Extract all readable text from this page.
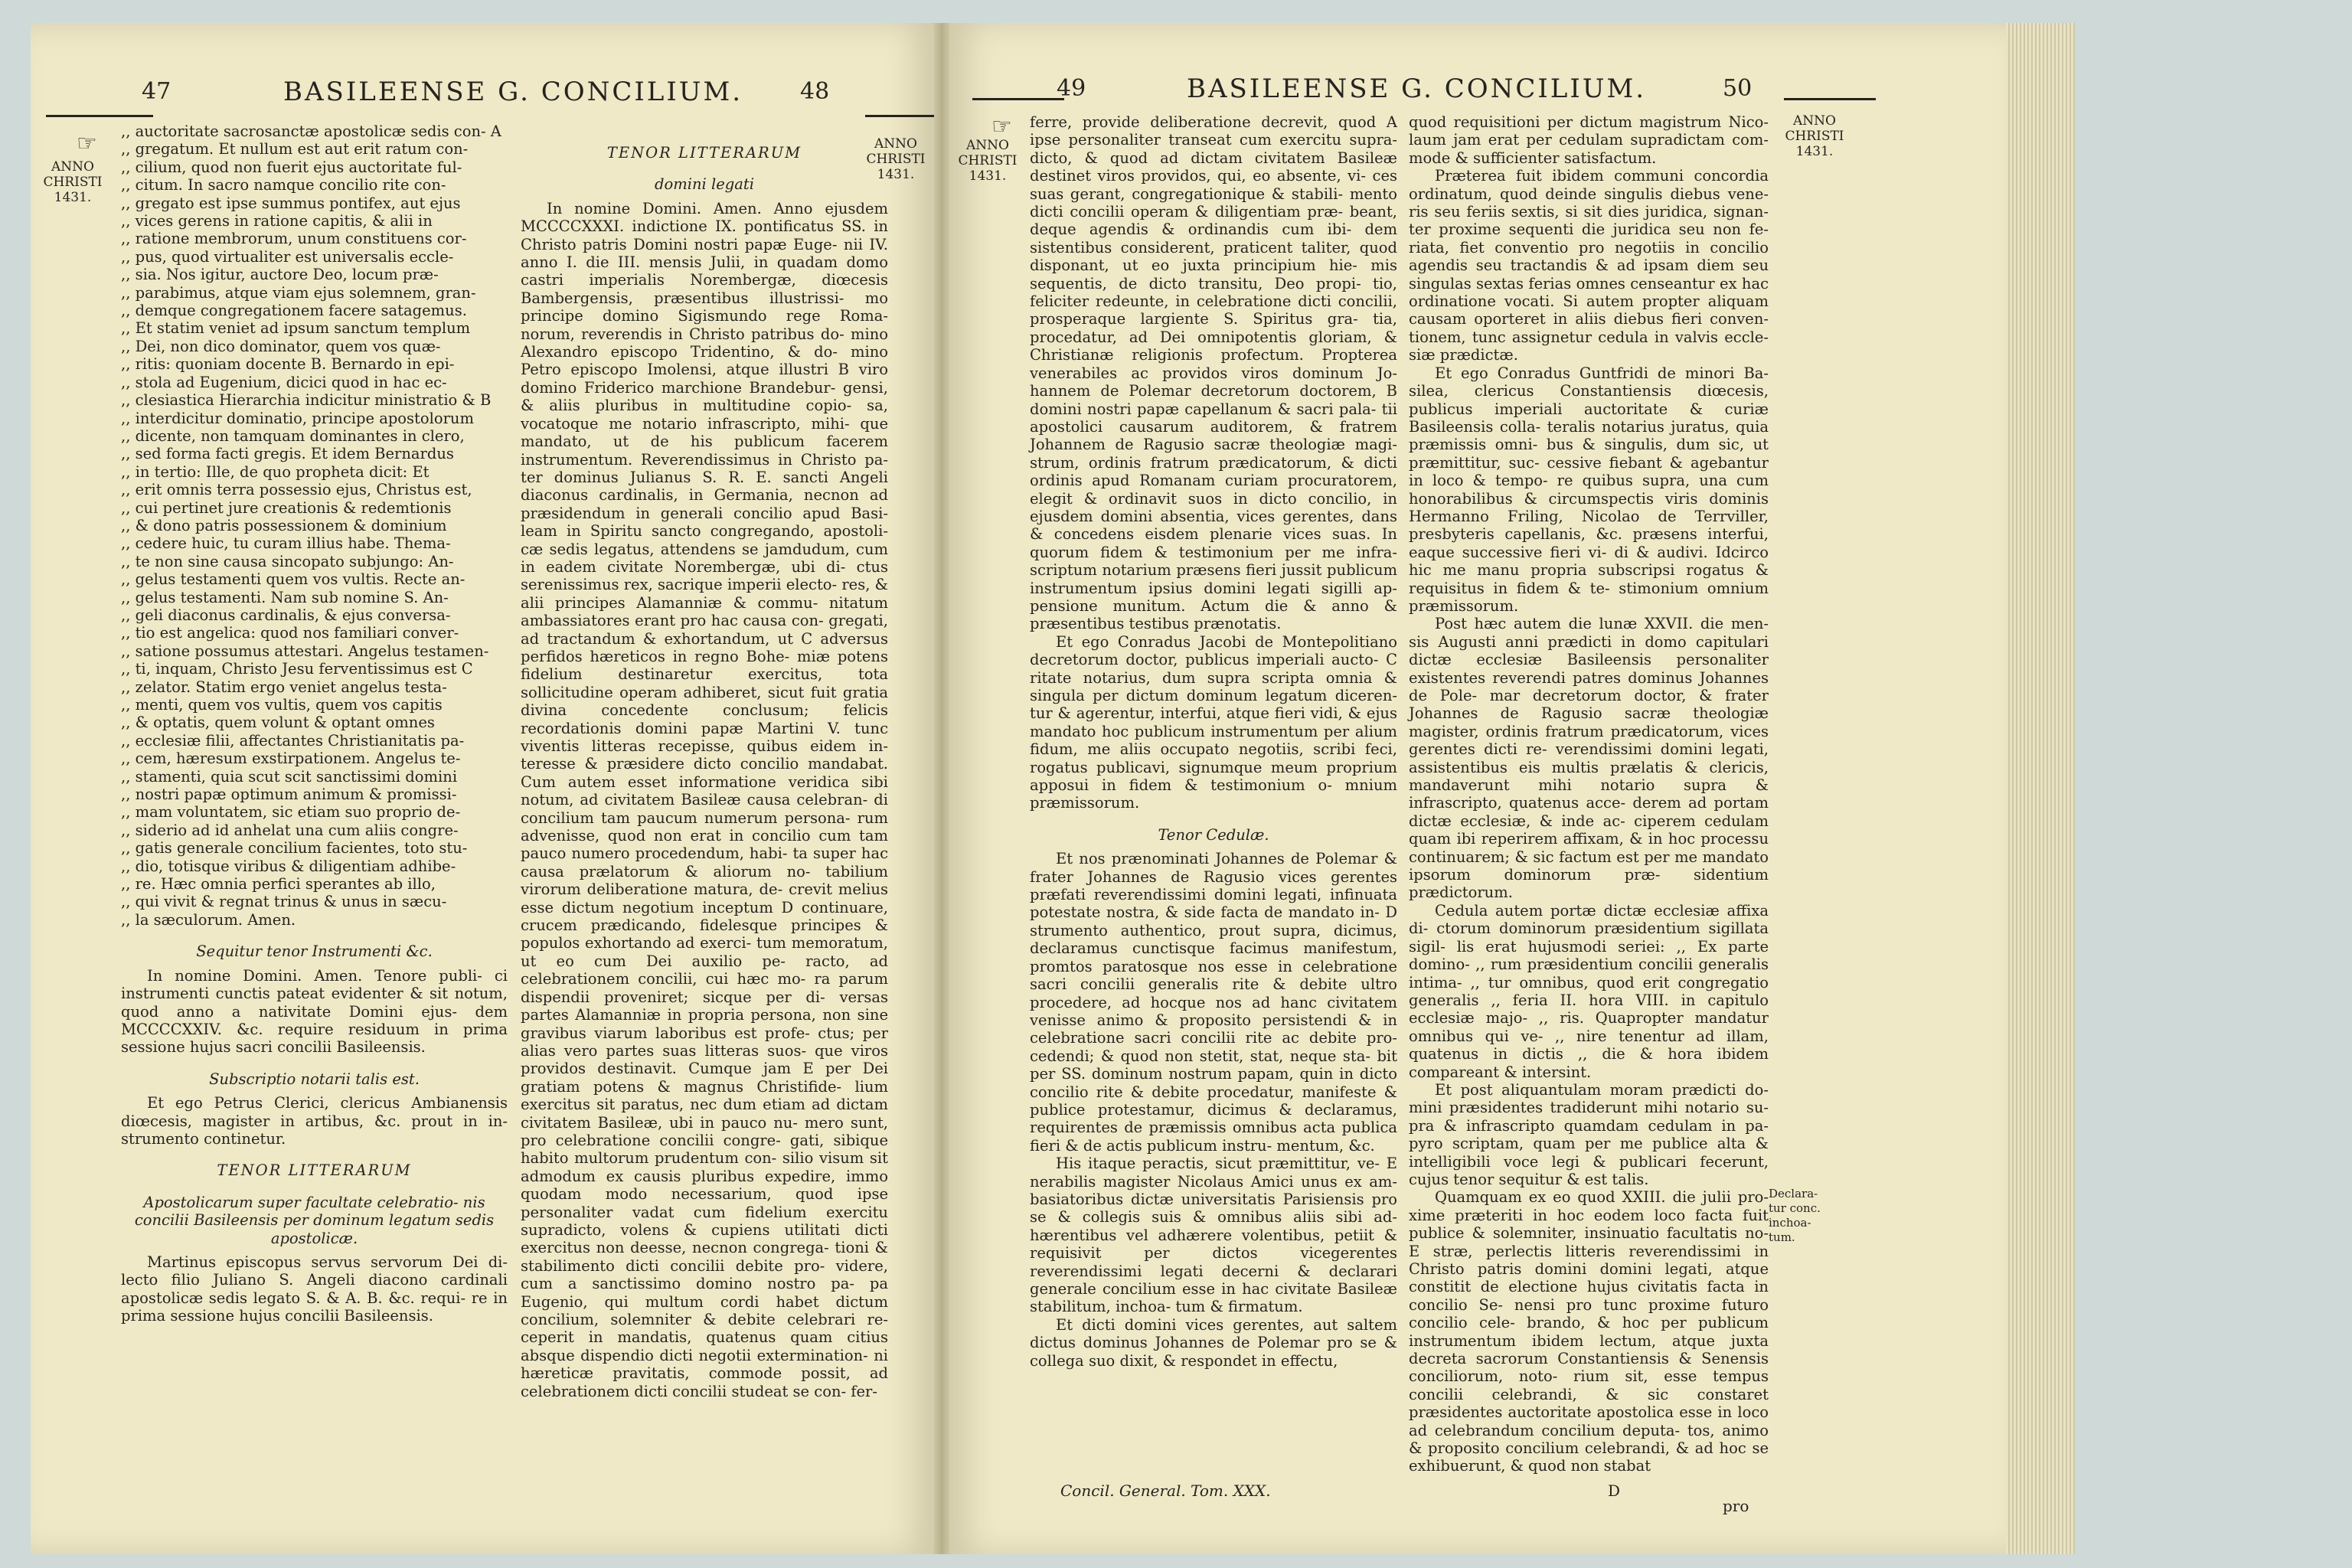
47	BASILEENSE G. CONCILIUM. 48
☞
ANNO
CHRISTI
1431.
ANNO
CHRISTI
1431.
,, auctoritate sacrosanctæ apostolicæ sedis con- A
,, gregatum. Et nullum est aut erit ratum con-
,, cilium, quod non fuerit ejus auctoritate ful-
,, citum. In sacro namque concilio rite con-
,, gregato est ipse summus pontifex, aut ejus
,, vices gerens in ratione capitis, & alii in
,, ratione membrorum, unum constituens cor-
,, pus, quod virtualiter est universalis eccle-
,, sia. Nos igitur, auctore Deo, locum præ-
,, parabimus, atque viam ejus solemnem, gran-
,, demque congregationem facere satagemus.
,, Et statim veniet ad ipsum sanctum templum
,, Dei, non dico dominator, quem vos quæ-
,, ritis: quoniam docente B. Bernardo in epi-
,, stola ad Eugenium, dicici quod in hac ec-
,, clesiastica Hierarchia indicitur ministratio & B
,, interdicitur dominatio, principe apostolorum
,, dicente, non tamquam dominantes in clero,
,, sed forma facti gregis. Et idem Bernardus
,, in tertio: Ille, de quo propheta dicit: Et
,, erit omnis terra possessio ejus, Christus est,
,, cui pertinet jure creationis & redemtionis
,, & dono patris possessionem & dominium
,, cedere huic, tu curam illius habe. Thema-
,, te non sine causa sincopato subjungo: An-
,, gelus testamenti quem vos vultis. Recte an-
,, gelus testamenti. Nam sub nomine S. An-
,, geli diaconus cardinalis, & ejus conversa-
,, tio est angelica: quod nos familiari conver-
,, satione possumus attestari. Angelus testamen-
,, ti, inquam, Christo Jesu ferventissimus est C
,, zelator. Statim ergo veniet angelus testa-
,, menti, quem vos vultis, quem vos capitis
,, & optatis, quem volunt & optant omnes
,, ecclesiæ filii, affectantes Christianitatis pa-
,, cem, hæresum exstirpationem. Angelus te-
,, stamenti, quia scut scit sanctissimi domini
,, nostri papæ optimum animum & promissi-
,, mam voluntatem, sic etiam suo proprio de-
,, siderio ad id anhelat una cum aliis congre-
,, gatis generale concilium facientes, toto stu-
,, dio, totisque viribus & diligentiam adhibe-
,, re. Hæc omnia perfici sperantes ab illo,
,, qui vivit & regnat trinus & unus in sæcu-
,, la sæculorum. Amen.

Sequitur tenor Instrumenti &c.

In nomine Domini. Amen. Tenore publi- ci instrumenti cunctis pateat evidenter & sit notum, quod anno a nativitate Domini ejus- dem MCCCCXXIV. &c. require residuum in prima sessione hujus sacri concilii Basileensis.

Subscriptio notarii talis est.

Et ego Petrus Clerici, clericus Ambianensis diœcesis, magister in artibus, &c. prout in in- strumento continetur.

TENOR LITTERARUM

Apostolicarum super facultate celebratio- nis concilii Basileensis per dominum legatum sedis apostolicæ.

Martinus episcopus servus servorum Dei di- lecto filio Juliano S. Angeli diacono cardinali apostolicæ sedis legato S. & A. B. &c. requi- re in prima sessione hujus concilii Basileensis.

TENOR LITTERARUM

domini legati

In nomine Domini. Amen. Anno ejusdem MCCCCXXXI. indictione IX. pontificatus SS. in Christo patris Domini nostri papæ Euge- nii IV. anno I. die III. mensis Julii, in quadam domo castri imperialis Norembergæ, diœcesis Bambergensis, præsentibus illustrissi- mo principe domino Sigismundo rege Roma- norum, reverendis in Christo patribus do- mino Alexandro episcopo Tridentino, & do- mino Petro episcopo Imolensi, atque illustri B viro domino Friderico marchione Brandebur- gensi, & aliis pluribus in multitudine copio- sa, vocatoque me notario infrascripto, mihi- que mandato, ut de his publicum facerem instrumentum. Reverendissimus in Christo pa- ter dominus Julianus S. R. E. sancti Angeli diaconus cardinalis, in Germania, necnon ad præsidendum in generali concilio apud Basi- leam in Spiritu sancto congregando, apostoli- cæ sedis legatus, attendens se jamdudum, cum in eadem civitate Norembergæ, ubi di- ctus serenissimus rex, sacrique imperii electo- res, & alii principes Alamanniæ & commu- nitatum ambassiatores erant pro hac causa con- gregati, ad tractandum & exhortandum, ut C adversus perfidos hæreticos in regno Bohe- miæ potens fidelium destinaretur exercitus, tota sollicitudine operam adhiberet, sicut fuit gratia divina concedente conclusum; felicis recordationis domini papæ Martini V. tunc viventis litteras recepisse, quibus eidem in- teresse & præsidere dicto concilio mandabat. Cum autem esset informatione veridica sibi notum, ad civitatem Basileæ causa celebran- di concilium tam paucum numerum persona- rum advenisse, quod non erat in concilio cum tam pauco numero procedendum, habi- ta super hac causa prælatorum & aliorum no- tabilium virorum deliberatione matura, de- crevit melius esse dictum negotium inceptum D continuare, crucem prædicando, fidelesque principes & populos exhortando ad exerci- tum memoratum, ut eo cum Dei auxilio pe- racto, ad celebrationem concilii, cui hæc mo- ra parum dispendii proveniret; sicque per di- versas partes Alamanniæ in propria persona, non sine gravibus viarum laboribus est profe- ctus; per alias vero partes suas litteras suos- que viros providos destinavit. Cumque jam E per Dei gratiam potens & magnus Christifide- lium exercitus sit paratus, nec dum etiam ad dictam civitatem Basileæ, ubi in pauco nu- mero sunt, pro celebratione concilii congre- gati, sibique habito multorum prudentum con- silio visum sit admodum ex causis pluribus expedire, immo quodam modo necessarium, quod ipse personaliter vadat cum fidelium exercitu supradicto, volens & cupiens utilitati dicti exercitus non deesse, necnon congrega- tioni & stabilimento dicti concilii debite pro- videre, cum a sanctissimo domino nostro pa- pa Eugenio, qui multum cordi habet dictum concilium, solemniter & debite celebrari re- ceperit in mandatis, quatenus quam citius absque dispendio dicti negotii extermination- ni hæreticæ pravitatis, commode possit, ad celebrationem dicti concilii studeat se con- fer-

49	BASILEENSE G. CONCILIUM.	50
☞
ANNO
CHRISTI
1431.
ANNO
CHRISTI
1431.
Declara-
tur conc.
inchoa-
tum.

ferre, provide deliberatione decrevit, quod A ipse personaliter transeat cum exercitu supra- dicto, & quod ad dictam civitatem Basileæ destinet viros providos, qui, eo absente, vi- ces suas gerant, congregationique & stabili- mento dicti concilii operam & diligentiam præ- beant, deque agendis & ordinandis cum ibi- dem sistentibus considerent, praticent taliter, quod disponant, ut eo juxta principium hie- mis sequentis, de dicto transitu, Deo propi- tio, feliciter redeunte, in celebratione dicti concilii, prosperaque largiente S. Spiritus gra- tia, procedatur, ad Dei omnipotentis gloriam, & Christianæ religionis profectum. Propterea venerabiles ac providos viros dominum Jo- hannem de Polemar decretorum doctorem, B domini nostri papæ capellanum & sacri pala- tii apostolici causarum auditorem, & fratrem Johannem de Ragusio sacræ theologiæ magi- strum, ordinis fratrum prædicatorum, & dicti ordinis apud Romanam curiam procuratorem, elegit & ordinavit suos in dicto concilio, in ejusdem domini absentia, vices gerentes, dans & concedens eisdem plenarie vices suas. In quorum fidem & testimonium per me infra- scriptum notarium præsens fieri jussit publicum instrumentum ipsius domini legati sigilli ap- pensione munitum. Actum die & anno & præsentibus testibus prænotatis.

Et ego Conradus Jacobi de Montepolitiano decretorum doctor, publicus imperiali aucto- C ritate notarius, dum supra scripta omnia & singula per dictum dominum legatum diceren- tur & agerentur, interfui, atque fieri vidi, & ejus mandato hoc publicum instrumentum per alium fidum, me aliis occupato negotiis, scribi feci, rogatus publicavi, signumque meum proprium apposui in fidem & testimonium o- mnium præmissorum.

Tenor Cedulæ.

Et nos prænominati Johannes de Polemar & frater Johannes de Ragusio vices gerentes præfati reverendissimi domini legati, infinuata potestate nostra, & side facta de mandato in- D strumento authentico, prout supra, dicimus, declaramus cunctisque facimus manifestum, promtos paratosque nos esse in celebratione sacri concilii generalis rite & debite ultro procedere, ad hocque nos ad hanc civitatem venisse animo & proposito persistendi & in celebratione sacri concilii rite ac debite pro- cedendi; & quod non stetit, stat, neque sta- bit per SS. dominum nostrum papam, quin in dicto concilio rite & debite procedatur, manifeste & publice protestamur, dicimus & declaramus, requirentes de præmissis omnibus acta publica fieri & de actis publicum instru- mentum, &c.

His itaque peractis, sicut præmittitur, ve- E nerabilis magister Nicolaus Amici unus ex am- basiatoribus dictæ universitatis Parisiensis pro se & collegis suis & omnibus aliis sibi ad- hærentibus vel adhærere volentibus, petiit & requisivit per dictos vicegerentes reverendissimi legati decerni & declarari generale concilium esse in hac civitate Basileæ stabilitum, inchoa- tum & firmatum.

Et dicti domini vices gerentes, aut saltem dictus dominus Johannes de Polemar pro se & collega suo dixit, & respondet in effectu,

Concil. General. Tom. XXX.	D

quod requisitioni per dictum magistrum Nico- laum jam erat per cedulam supradictam com- mode & sufficienter satisfactum.

Præterea fuit ibidem communi concordia ordinatum, quod deinde singulis diebus vene- ris seu feriis sextis, si sit dies juridica, signan- ter proxime sequenti die juridica seu non fe- riata, fiet conventio pro negotiis in concilio agendis seu tractandis & ad ipsam diem seu singulas sextas ferias omnes censeantur ex hac ordinatione vocati. Si autem propter aliquam causam oporteret in aliis diebus fieri conven- tionem, tunc assignetur cedula in valvis eccle- siæ prædictæ.

Et ego Conradus Guntfridi de minori Ba- silea, clericus Constantiensis diœcesis, publicus imperiali auctoritate & curiæ Basileensis colla- teralis notarius juratus, quia præmissis omni- bus & singulis, dum sic, ut præmittitur, suc- cessive fiebant & agebantur in loco & tempo- re quibus supra, una cum honorabilibus & circumspectis viris dominis Hermanno Friling, Nicolao de Terrviller, presbyteris capellanis, &c. præsens interfui, eaque successive fieri vi- di & audivi. Idcirco hic me manu propria subscripsi rogatus & requisitus in fidem & te- stimonium omnium præmissorum.

Post hæc autem die lunæ XXVII. die men- sis Augusti anni prædicti in domo capitulari dictæ ecclesiæ Basileensis personaliter existentes reverendi patres dominus Johannes de Pole- mar decretorum doctor, & frater Johannes de Ragusio sacræ theologiæ magister, ordinis fratrum prædicatorum, vices gerentes dicti re- verendissimi domini legati, assistentibus eis multis prælatis & clericis, mandaverunt mihi notario supra & infrascripto, quatenus acce- derem ad portam dictæ ecclesiæ, & inde ac- ciperem cedulam quam ibi reperirem affixam, & in hoc processu continuarem; & sic factum est per me mandato ipsorum dominorum præ- sidentium prædictorum.

Cedula autem portæ dictæ ecclesiæ affixa di- ctorum dominorum præsidentium sigillata sigil- lis erat hujusmodi seriei: ,, Ex parte domino- ,, rum præsidentium concilii generalis intima- ,, tur omnibus, quod erit congregatio generalis ,, feria II. hora VIII. in capitulo ecclesiæ majo- ,, ris. Quapropter mandatur omnibus qui ve- ,, nire tenentur ad illam, quatenus in dictis ,, die & hora ibidem compareant & intersint.

Et post aliquantulam moram prædicti do- mini præsidentes tradiderunt mihi notario su- pra & infrascripto quamdam cedulam in pa- pyro scriptam, quam per me publice alta & intelligibili voce legi & publicari fecerunt, cujus tenor sequitur & est talis.

Quamquam ex eo quod XXIII. die julii pro- xime præteriti in hoc eodem loco facta fuit publice & solemniter, insinuatio facultatis no- E stræ, perlectis litteris reverendissimi in Christo patris domini domini legati, atque constitit de electione hujus civitatis facta in concilio Se- nensi pro tunc proxime futuro concilio cele- brando, & hoc per publicum instrumentum ibidem lectum, atque juxta decreta sacrorum Constantiensis & Senensis conciliorum, noto- rium sit, esse tempus concilii celebrandi, & sic constaret præsidentes auctoritate apostolica esse in loco ad celebrandum concilium deputa- tos, animo & proposito concilium celebrandi, & ad hoc se exhibuerunt, & quod non stabat

pro
